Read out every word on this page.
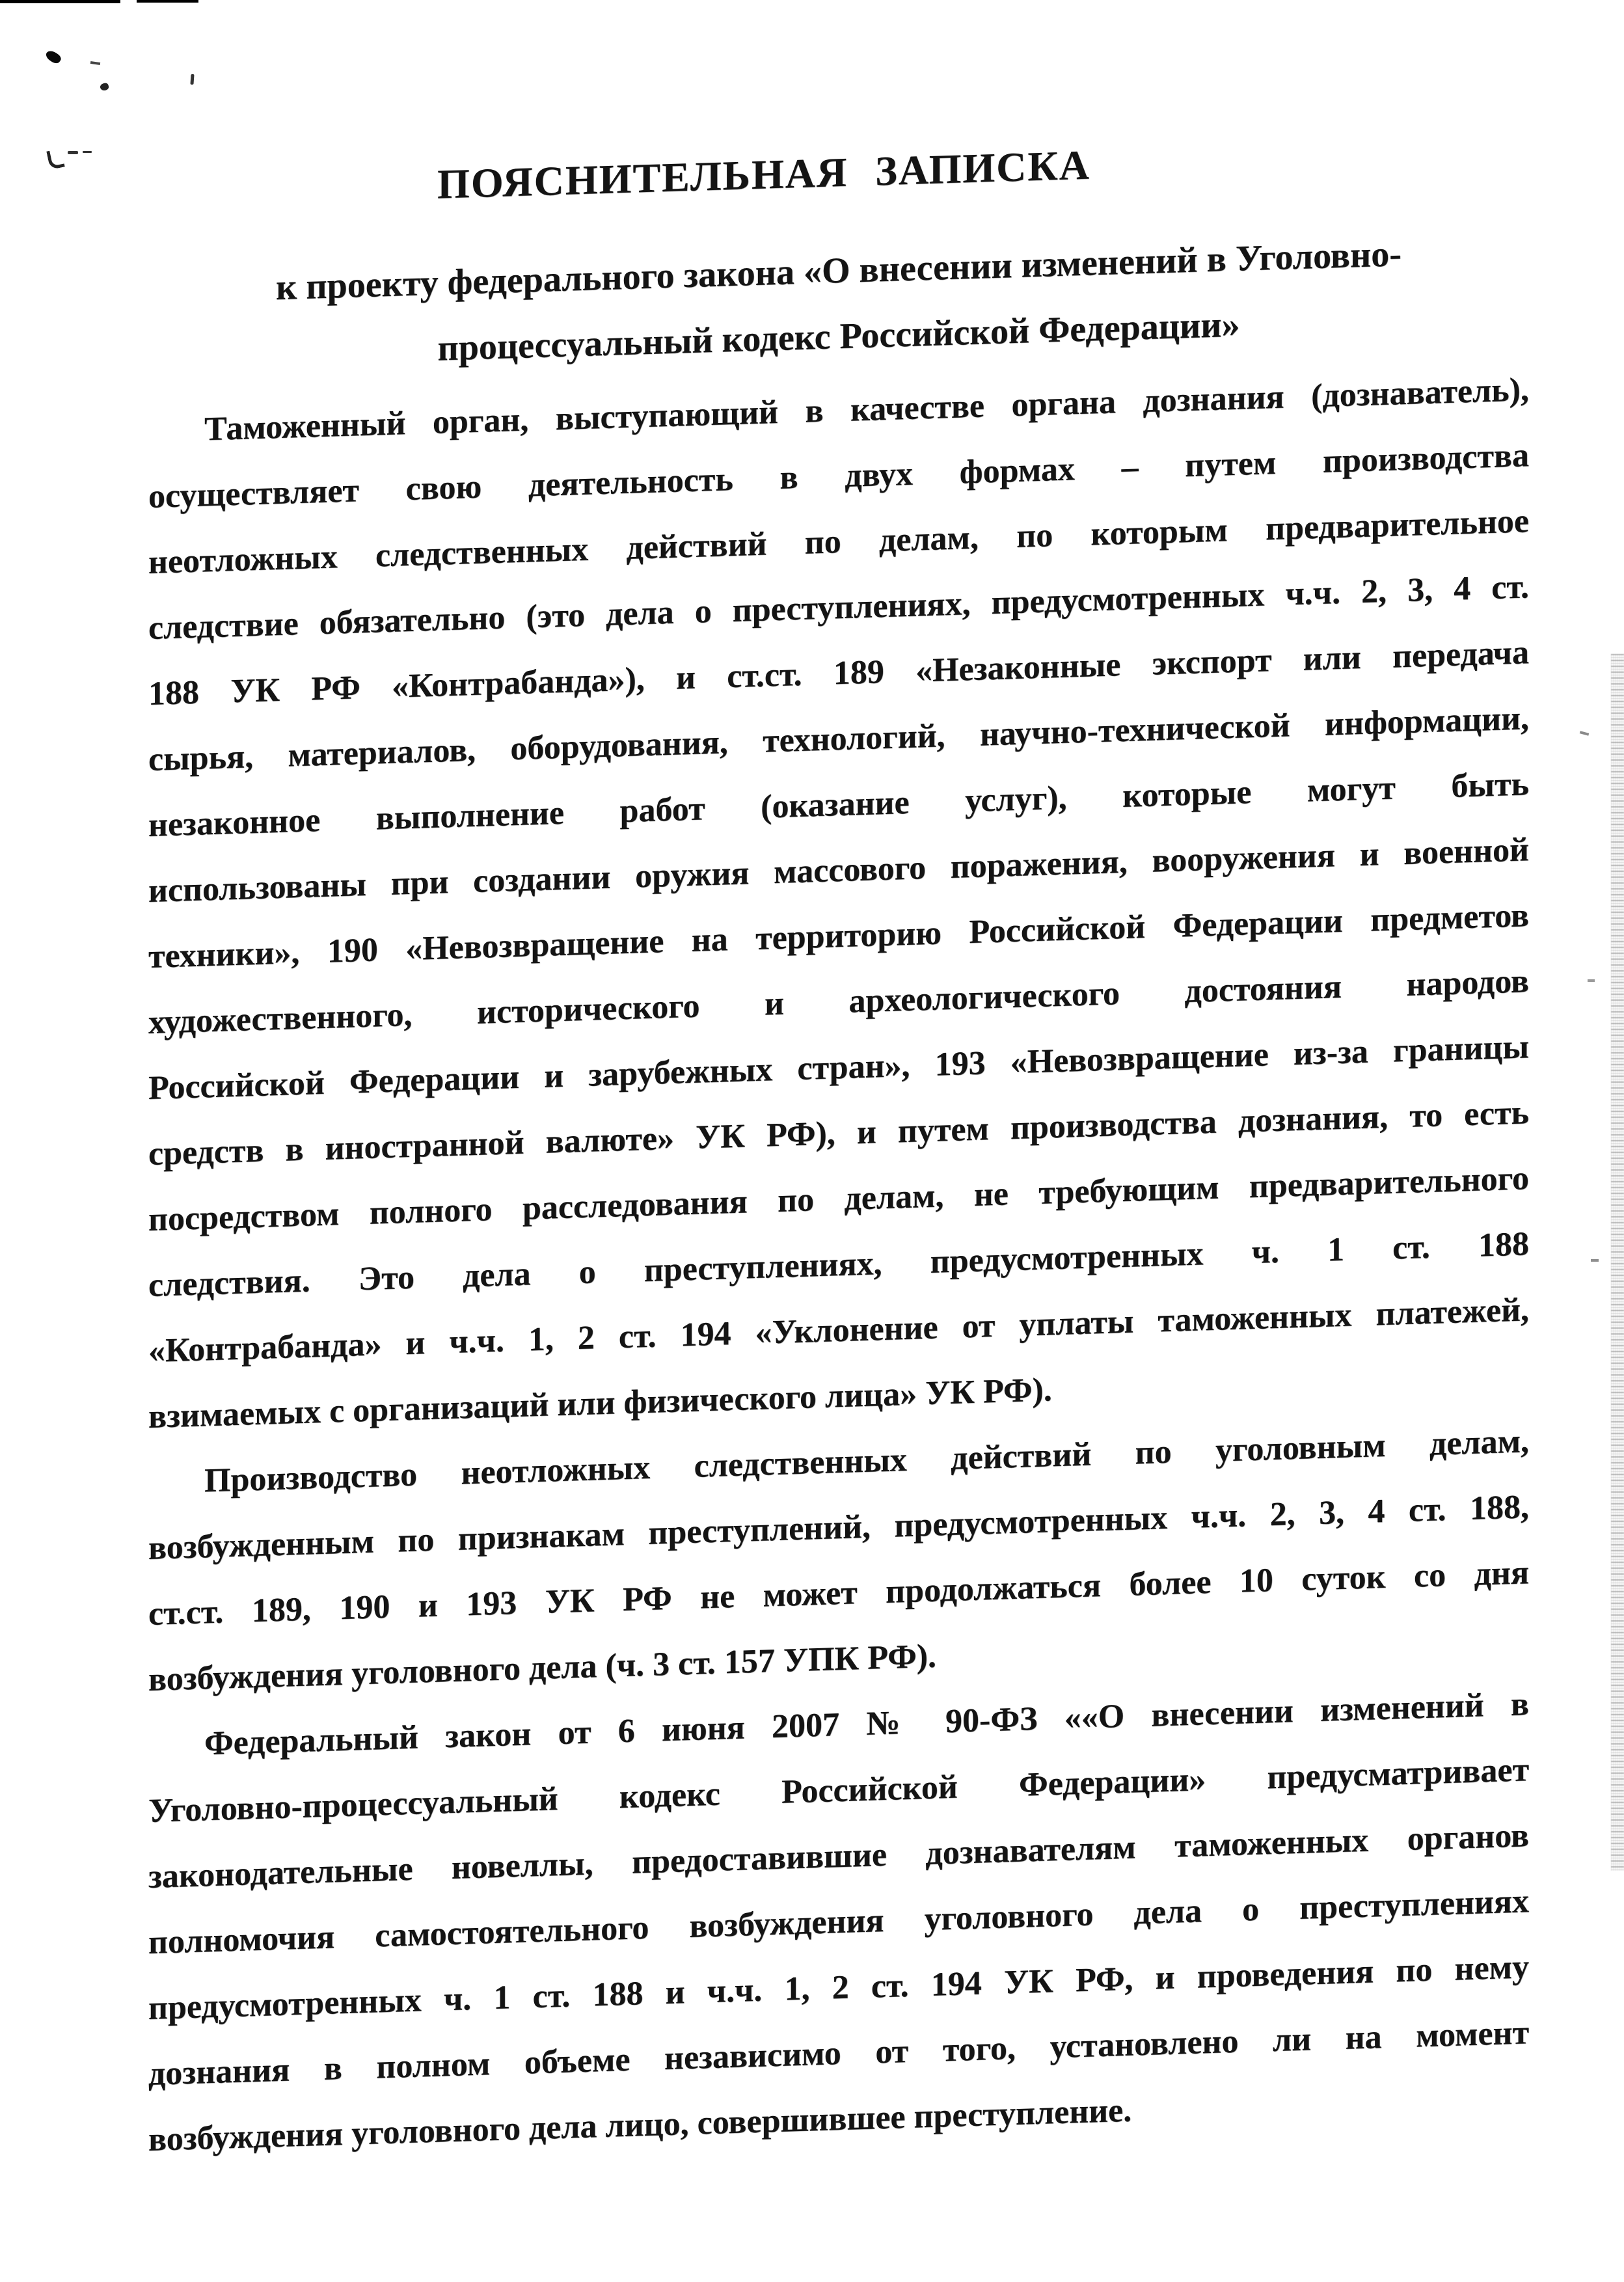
ПОЯСНИТЕЛЬНАЯ ЗАПИСКА
к проекту федерального закона «О внесении изменений в Уголовно-
процессуальный кодекс Российской Федерации»
Таможенный орган, выступающий в качестве органа дознания (дознаватель),
осуществляет свою деятельность в двух формах – путем производства
неотложных следственных действий по делам, по которым предварительное
следствие обязательно (это дела о преступлениях, предусмотренных ч.ч. 2, 3, 4 ст.
188 УК РФ «Контрабанда»), и ст.ст. 189 «Незаконные экспорт или передача
сырья, материалов, оборудования, технологий, научно-технической информации,
незаконное выполнение работ (оказание услуг), которые могут быть
использованы при создании оружия массового поражения, вооружения и военной
техники», 190 «Невозвращение на территорию Российской Федерации предметов
художественного, исторического и археологического достояния народов
Российской Федерации и зарубежных стран», 193 «Невозвращение из-за границы
средств в иностранной валюте» УК РФ), и путем производства дознания, то есть
посредством полного расследования по делам, не требующим предварительного
следствия. Это дела о преступлениях, предусмотренных ч. 1 ст. 188
«Контрабанда» и ч.ч. 1, 2 ст. 194 «Уклонение от уплаты таможенных платежей,
взимаемых с организаций или физического лица» УК РФ).
Производство неотложных следственных действий по уголовным делам,
возбужденным по признакам преступлений, предусмотренных ч.ч. 2, 3, 4 ст. 188,
ст.ст. 189, 190 и 193 УК РФ не может продолжаться более 10 суток со дня
возбуждения уголовного дела (ч. 3 ст. 157 УПК РФ).
Федеральный закон от 6 июня 2007 № 90-ФЗ ««О внесении изменений в
Уголовно-процессуальный кодекс Российской Федерации» предусматривает
законодательные новеллы, предоставившие дознавателям таможенных органов
полномочия самостоятельного возбуждения уголовного дела о преступлениях
предусмотренных ч. 1 ст. 188 и ч.ч. 1, 2 ст. 194 УК РФ, и проведения по нему
дознания в полном объеме независимо от того, установлено ли на момент
возбуждения уголовного дела лицо, совершившее преступление.
